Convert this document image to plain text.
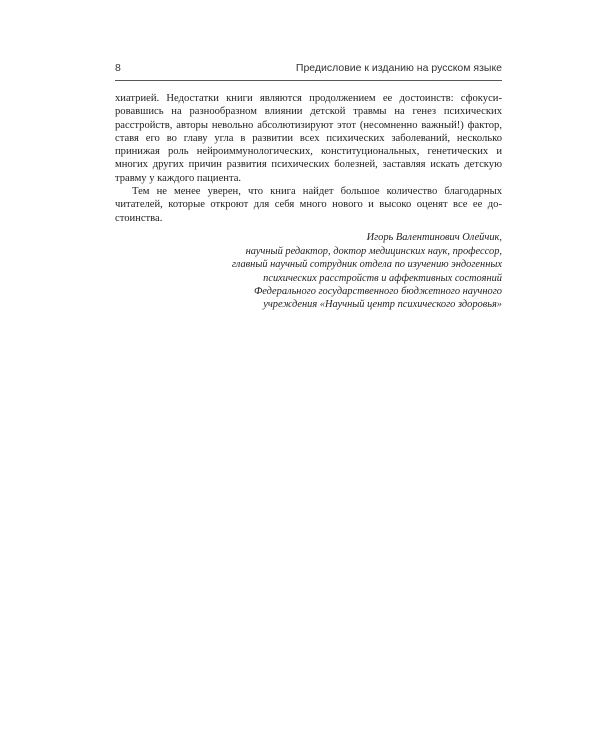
8	Предисловие к изданию на русском языке

хиатрией. Недостатки книги являются продолжением ее достоинств: сфокусировавшись на разнообразном влиянии детской травмы на генез психических расстройств, авторы невольно абсолютизируют этот (несомненно важный!) фактор, ставя его во главу угла в развитии всех психических заболеваний, несколько принижая роль нейроиммунологических, конституциональных, генетических и многих других причин развития психических болезней, заставляя искать детскую травму у каждого пациента.

Тем не менее уверен, что книга найдет большое количество благодарных читателей, которые откроют для себя много нового и высоко оценят все ее достоинства.

Игорь Валентинович Олейчик,
научный редактор, доктор медицинских наук, профессор,
главный научный сотрудник отдела по изучению эндогенных
психических расстройств и аффективных состояний
Федерального государственного бюджетного научного
учреждения «Научный центр психического здоровья»
